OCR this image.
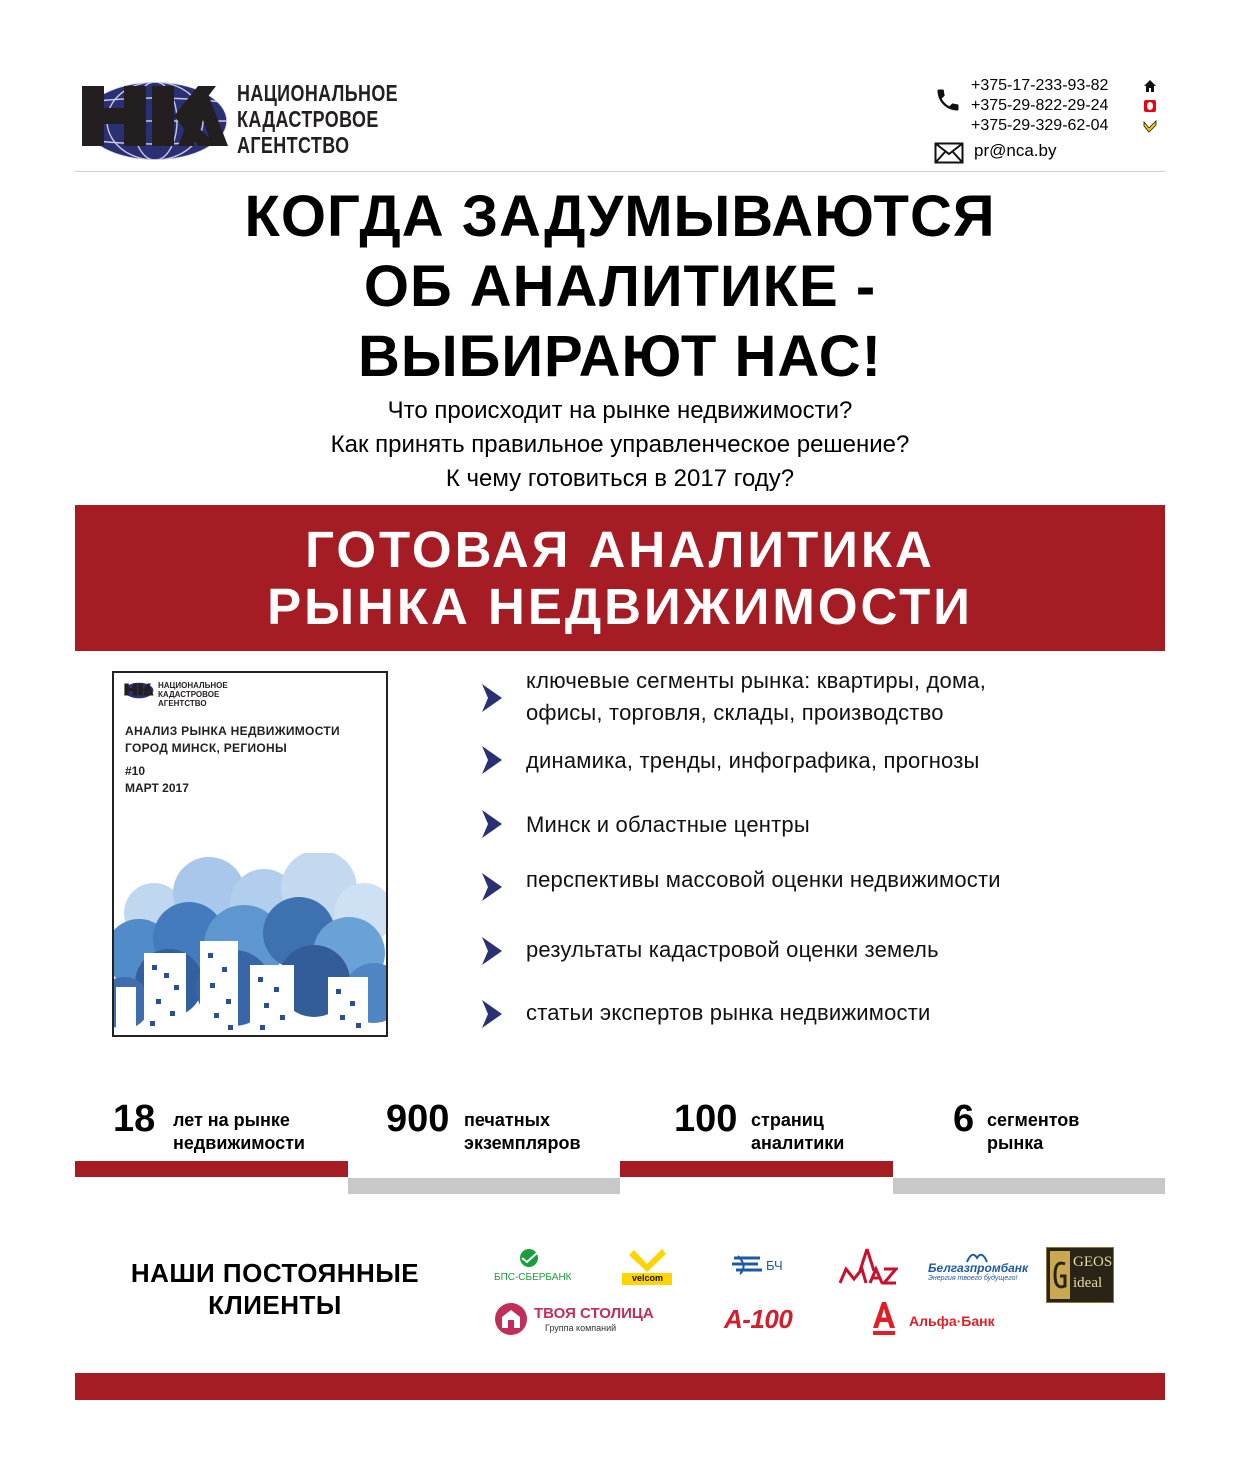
НАЦИОНАЛЬНОЕ
КАДАСТРОВОЕ
АГЕНТСТВО
+375-17-233-93-82
+375-29-822-29-24
+375-29-329-62-04
pr@nca.by
КОГДА ЗАДУМЫВАЮТСЯ
ОБ АНАЛИТИКЕ -
ВЫБИРАЮТ НАС!
Что происходит на рынке недвижимости?
Как принять правильное управленческое решение?
К чему готовиться в 2017 году?
ГОТОВАЯ АНАЛИТИКА
РЫНКА НЕДВИЖИМОСТИ
НАЦИОНАЛЬНОЕ
КАДАСТРОВОЕ
АГЕНТСТВО
АНАЛИЗ РЫНКА НЕДВИЖИМОСТИ
ГОРОД МИНСК, РЕГИОНЫ
#10
МАРТ 2017
ключевые сегменты рынка: квартиры, дома,
офисы, торговля, склады, производство
динамика, тренды, инфографика, прогнозы
Минск и областные центры
перспективы массовой оценки недвижимости
результаты кадастровой оценки земель
статьи экспертов рынка недвижимости
18 лет на рынке
недвижимости
900 печатных
экземпляров
100 страниц
аналитики
6 сегментов
рынка
НАШИ ПОСТОЯННЫЕ
КЛИЕНТЫ
БПС-СБЕРБАНК	velcom
БЧ	Белгазпромбанк
Энергия твоего будущего!
GEOS ideal
ТВОЯ СТОЛИЦА
Группа компаний	А-100	Альфа·Банк
